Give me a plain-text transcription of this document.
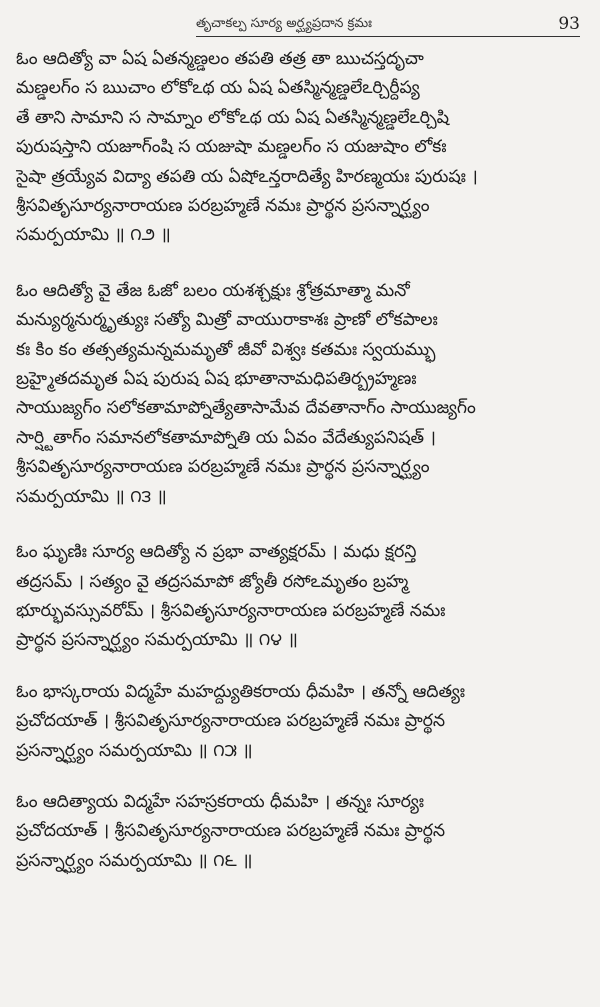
తృచాకల్ప సూర్య అర్ఘ్యప్రదాన క్రమః	93
ఓం ఆదిత్యో వా ఏష ఏతన్మణ్డలం తపతి తత్ర తా ఋచస్తదృచా
మణ్డలగ్ం స ఋచాం లోకోఽథ య ఏష ఏతస్మిన్మణ్డలేఽర్చిర్దీప్య
తే తాని సామాని స సామ్నాం లోకోఽథ య ఏష ఏతస్మిన్మణ్డలేఽర్చిషి
పురుషస్తాని యజూగ్ంషి స యజుషా మణ్డలగ్ం స యజుషాం లోకః
సైషా త్రయ్యేవ విద్యా తపతి య ఏషోఽన్తరాదిత్యే హిరణ్మయః పురుషః ।
శ్రీసవితృసూర్యనారాయణ పరబ్రహ్మణే నమః ప్రార్థన ప్రసన్నార్ఘ్యం
సమర్పయామి ॥ ౧౨ ॥
ఓం ఆదిత్యో వై తేజ ఓజో బలం యశశ్చక్షుః శ్రోత్రమాత్మా మనో
మన్యుర్మనుర్మృత్యుః సత్యో మిత్రో వాయురాకాశః ప్రాణో లోకపాలః
కః కిం కం తత్సత్యమన్నమమృతో జీవో విశ్వః కతమః స్వయమ్భు
బ్రహ్మైతదమృత ఏష పురుష ఏష భూతానామధిపతిర్బ్రహ్మణః
సాయుజ్యగ్ం సలోకతామాప్నోత్యేతాసామేవ దేవతానాగ్ం సాయుజ్యగ్ం
సార్ష్టితాగ్ం సమానలోకతామాప్నోతి య ఏవం వేదేత్యుపనిషత్ ।
శ్రీసవితృసూర్యనారాయణ పరబ్రహ్మణే నమః ప్రార్థన ప్రసన్నార్ఘ్యం
సమర్పయామి ॥ ౧౩ ॥
ఓం ఘృణిః సూర్య ఆదిత్యో న ప్రభా వాత్యక్షరమ్ । మధు క్షరన్తి
తద్రసమ్ । సత్యం వై తద్రసమాపో జ్యోతీ రసోఽమృతం బ్రహ్మ
భూర్భువస్సువరోమ్ । శ్రీసవితృసూర్యనారాయణ పరబ్రహ్మణే నమః
ప్రార్థన ప్రసన్నార్ఘ్యం సమర్పయామి ॥ ౧౪ ॥
ఓం భాస్కరాయ విద్మహే మహద్ద్యుతికరాయ ధీమహి । తన్నో ఆదిత్యః
ప్రచోదయాత్ । శ్రీసవితృసూర్యనారాయణ పరబ్రహ్మణే నమః ప్రార్థన
ప్రసన్నార్ఘ్యం సమర్పయామి ॥ ౧౫ ॥
ఓం ఆదిత్యాయ విద్మహే సహస్రకరాయ ధీమహి । తన్నః సూర్యః
ప్రచోదయాత్ । శ్రీసవితృసూర్యనారాయణ పరబ్రహ్మణే నమః ప్రార్థన
ప్రసన్నార్ఘ్యం సమర్పయామి ॥ ౧౬ ॥
